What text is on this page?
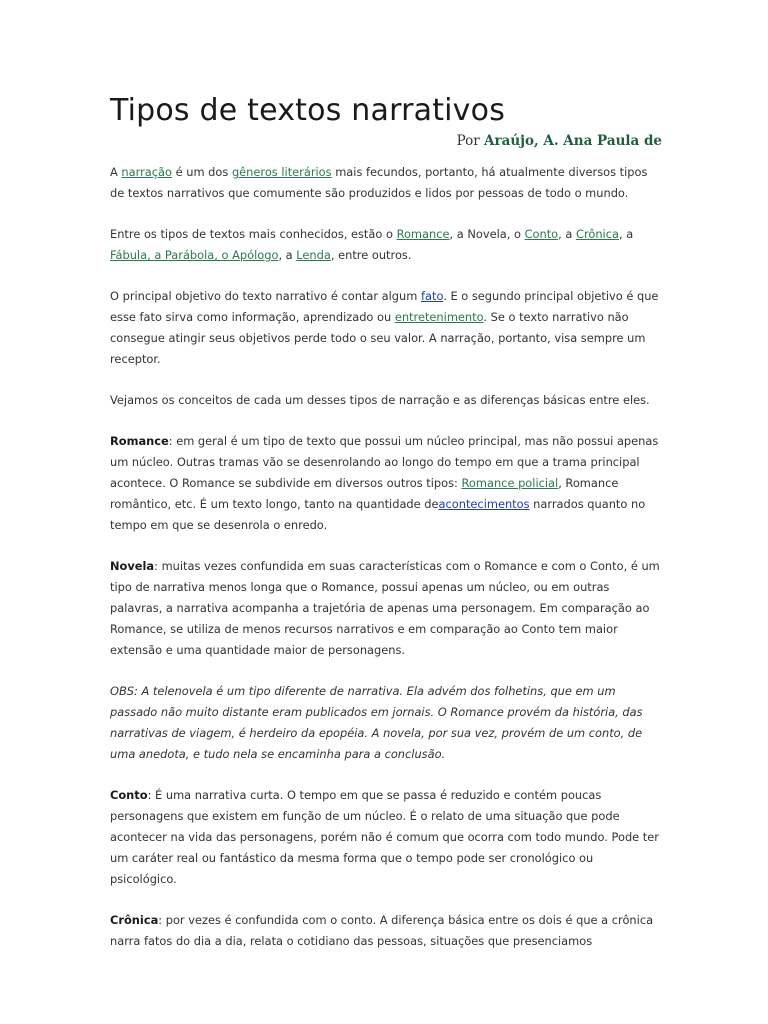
Tipos de textos narrativos
Por Araújo, A. Ana Paula de

A narração é um dos gêneros literários mais fecundos, portanto, há atualmente diversos tipos de textos narrativos que comumente são produzidos e lidos por pessoas de todo o mundo.

Entre os tipos de textos mais conhecidos, estão o Romance, a Novela, o Conto, a Crônica, a Fábula, a Parábola, o Apólogo, a Lenda, entre outros.

O principal objetivo do texto narrativo é contar algum fato. E o segundo principal objetivo é que esse fato sirva como informação, aprendizado ou entretenimento. Se o texto narrativo não consegue atingir seus objetivos perde todo o seu valor. A narração, portanto, visa sempre um receptor.

Vejamos os conceitos de cada um desses tipos de narração e as diferenças básicas entre eles.

Romance: em geral é um tipo de texto que possui um núcleo principal, mas não possui apenas um núcleo. Outras tramas vão se desenrolando ao longo do tempo em que a trama principal acontece. O Romance se subdivide em diversos outros tipos: Romance policial, Romance romântico, etc. É um texto longo, tanto na quantidade deacontecimentos narrados quanto no tempo em que se desenrola o enredo.

Novela: muitas vezes confundida em suas características com o Romance e com o Conto, é um tipo de narrativa menos longa que o Romance, possui apenas um núcleo, ou em outras palavras, a narrativa acompanha a trajetória de apenas uma personagem. Em comparação ao Romance, se utiliza de menos recursos narrativos e em comparação ao Conto tem maior extensão e uma quantidade maior de personagens.

OBS: A telenovela é um tipo diferente de narrativa. Ela advém dos folhetins, que em um passado não muito distante eram publicados em jornais. O Romance provém da história, das narrativas de viagem, é herdeiro da epopéia. A novela, por sua vez, provém de um conto, de uma anedota, e tudo nela se encaminha para a conclusão.

Conto: É uma narrativa curta. O tempo em que se passa é reduzido e contém poucas personagens que existem em função de um núcleo. É o relato de uma situação que pode acontecer na vida das personagens, porém não é comum que ocorra com todo mundo. Pode ter um caráter real ou fantástico da mesma forma que o tempo pode ser cronológico ou psicológico.

Crônica: por vezes é confundida com o conto. A diferença básica entre os dois é que a crônica narra fatos do dia a dia, relata o cotidiano das pessoas, situações que presenciamos
